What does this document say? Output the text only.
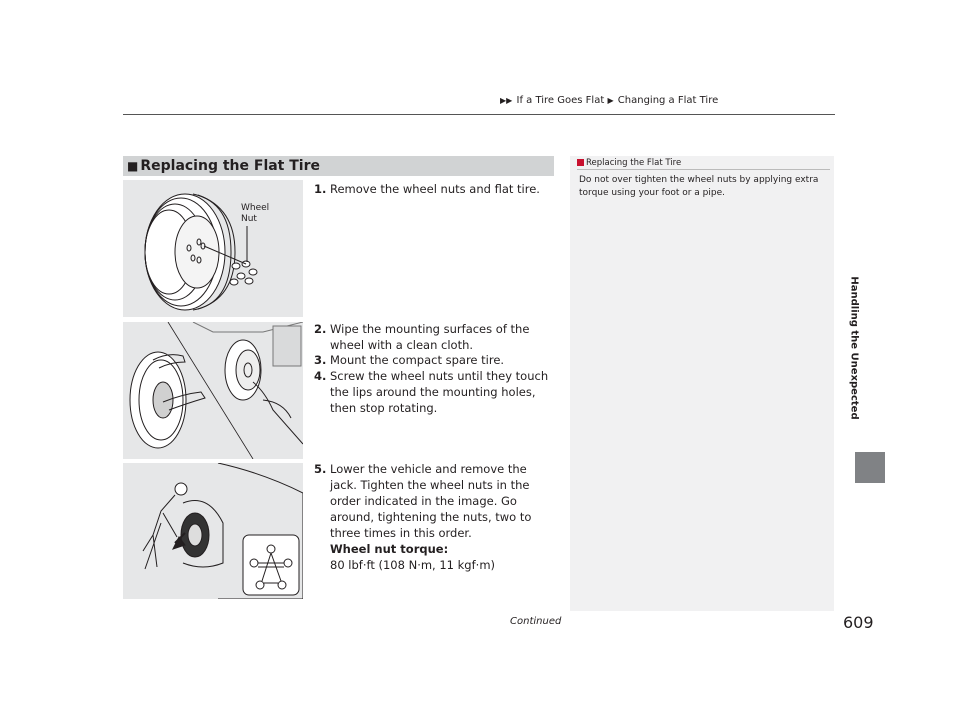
▶▶ If a Tire Goes Flat ▶ Changing a Flat Tire
Handling the Unexpected
■ Replacing the Flat Tire
Wheel
Nut
1. Remove the wheel nuts and flat tire.
2. Wipe the mounting surfaces of the wheel with a clean cloth.
3. Mount the compact spare tire.
4. Screw the wheel nuts until they touch the lips around the mounting holes, then stop rotating.
5. Lower the vehicle and remove the jack. Tighten the wheel nuts in the order indicated in the image. Go around, tightening the nuts, two to three times in this order.
Wheel nut torque:
80 lbf·ft (108 N·m, 11 kgf·m)
Replacing the Flat Tire
Do not over tighten the wheel nuts by applying extra torque using your foot or a pipe.
Continued	609
